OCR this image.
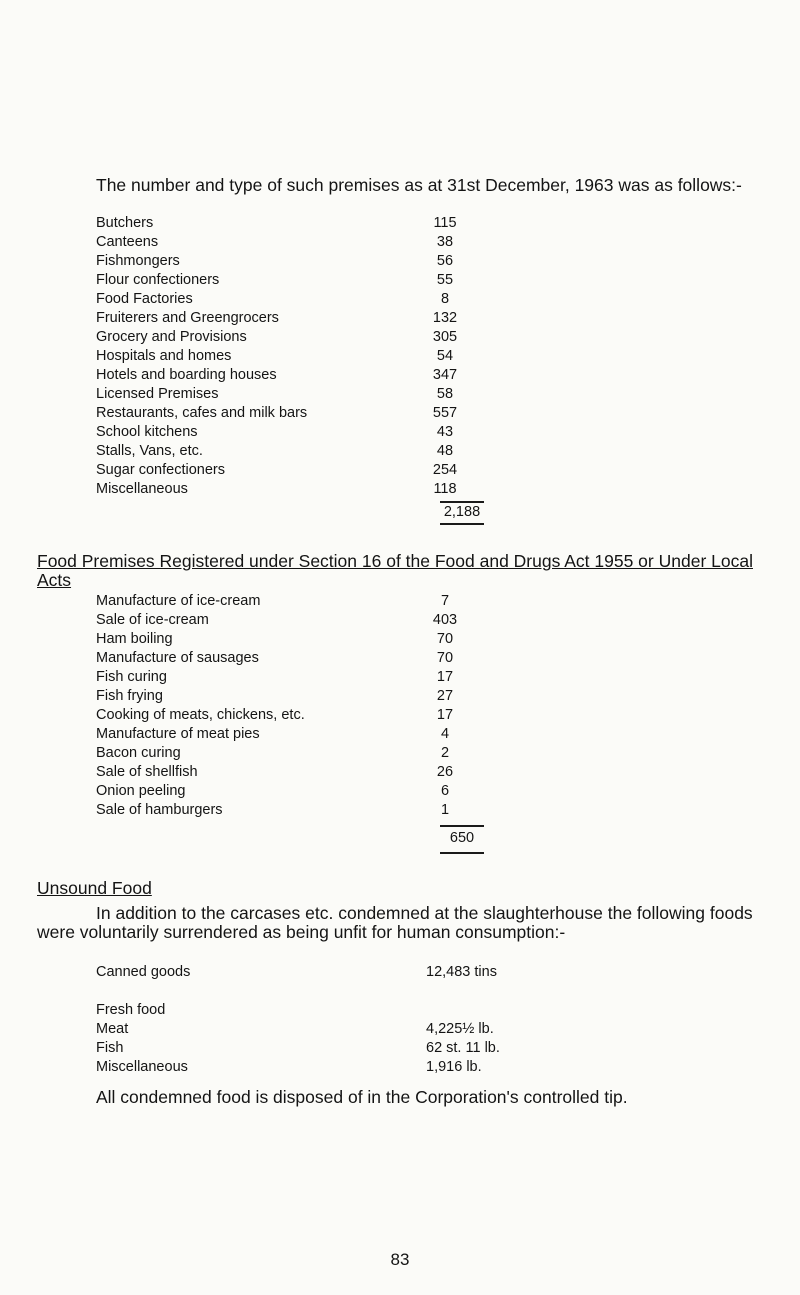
The number and type of such premises as at 31st December, 1963 was as follows:-

Butchers	115
Canteens	38
Fishmongers	56
Flour confectioners	55
Food Factories	8
Fruiterers and Greengrocers	132
Grocery and Provisions	305
Hospitals and homes	54
Hotels and boarding houses	347
Licensed Premises	58
Restaurants, cafes and milk bars	557
School kitchens	43
Stalls, Vans, etc.	48
Sugar confectioners	254
Miscellaneous	118
2,188

Food Premises Registered under Section 16 of the Food and Drugs Act 1955 or Under Local Acts

Manufacture of ice-cream	7
Sale of ice-cream	403
Ham boiling	70
Manufacture of sausages	70
Fish curing	17
Fish frying	27
Cooking of meats, chickens, etc.	17
Manufacture of meat pies	4
Bacon curing	2
Sale of shellfish	26
Onion peeling	6
Sale of hamburgers	1
650

Unsound Food

In addition to the carcases etc. condemned at the slaughterhouse the following foods were voluntarily surrendered as being unfit for human consumption:-

Canned goods	12,483 tins
Fresh food
Meat	4,225½ lb.
Fish	62 st. 11 lb.
Miscellaneous	1,916 lb.

All condemned food is disposed of in the Corporation's controlled tip.

83
